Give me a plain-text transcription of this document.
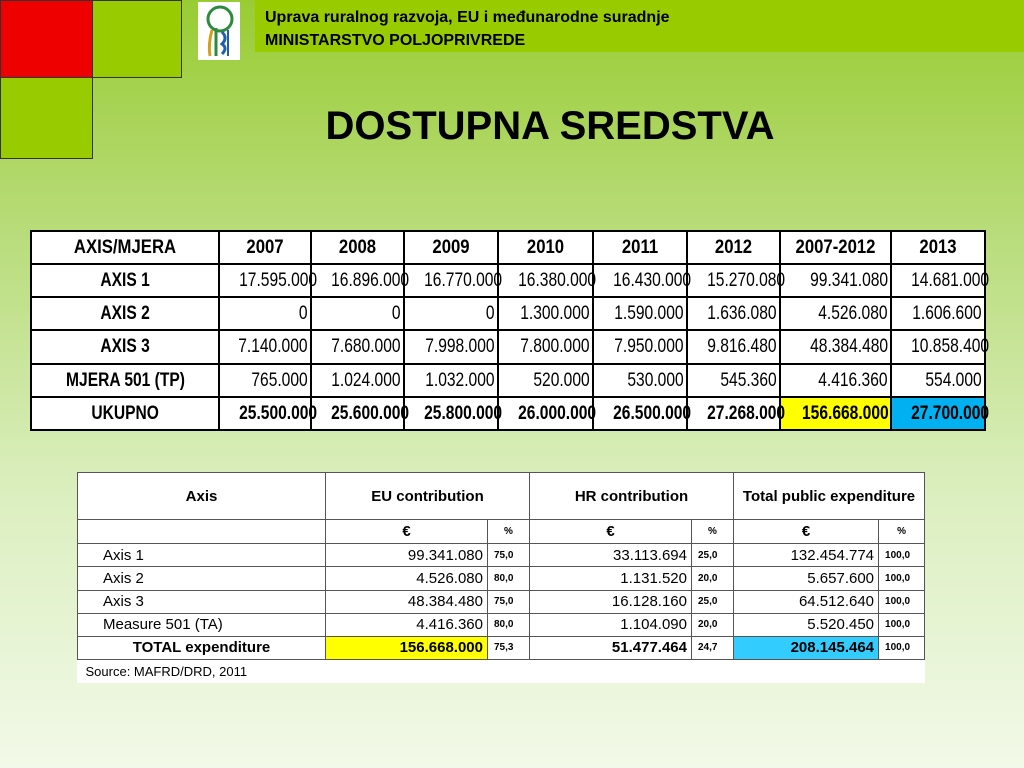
Uprava ruralnog razvoja, EU i međunarodne suradnje
MINISTARSTVO POLJOPRIVREDE
DOSTUPNA SREDSTVA
AXIS/MJERA	2007	2008	2009	2010	2011	2012	2007-2012	2013
AXIS 1	17.595.000	16.896.000	16.770.000	16.380.000	16.430.000	15.270.080	99.341.080	14.681.000
AXIS 2	0	0	0	1.300.000	1.590.000	1.636.080	4.526.080	1.606.600
AXIS 3	7.140.000	7.680.000	7.998.000	7.800.000	7.950.000	9.816.480	48.384.480	10.858.400
MJERA 501 (TP)	765.000	1.024.000	1.032.000	520.000	530.000	545.360	4.416.360	554.000
UKUPNO	25.500.000	25.600.000	25.800.000	26.000.000	26.500.000	27.268.000	156.668.000	27.700.000
Axis	EU contribution		HR contribution		Total public expenditure	
	€	%	€	%	€	%
Axis 1	99.341.080	75,0	33.113.694	25,0	132.454.774	100,0
Axis 2	4.526.080	80,0	1.131.520	20,0	5.657.600	100,0
Axis 3	48.384.480	75,0	16.128.160	25,0	64.512.640	100,0
Measure 501 (TA)	4.416.360	80,0	1.104.090	20,0	5.520.450	100,0
TOTAL expenditure	156.668.000	75,3	51.477.464	24,7	208.145.464	100,0
Source: MAFRD/DRD, 2011						
